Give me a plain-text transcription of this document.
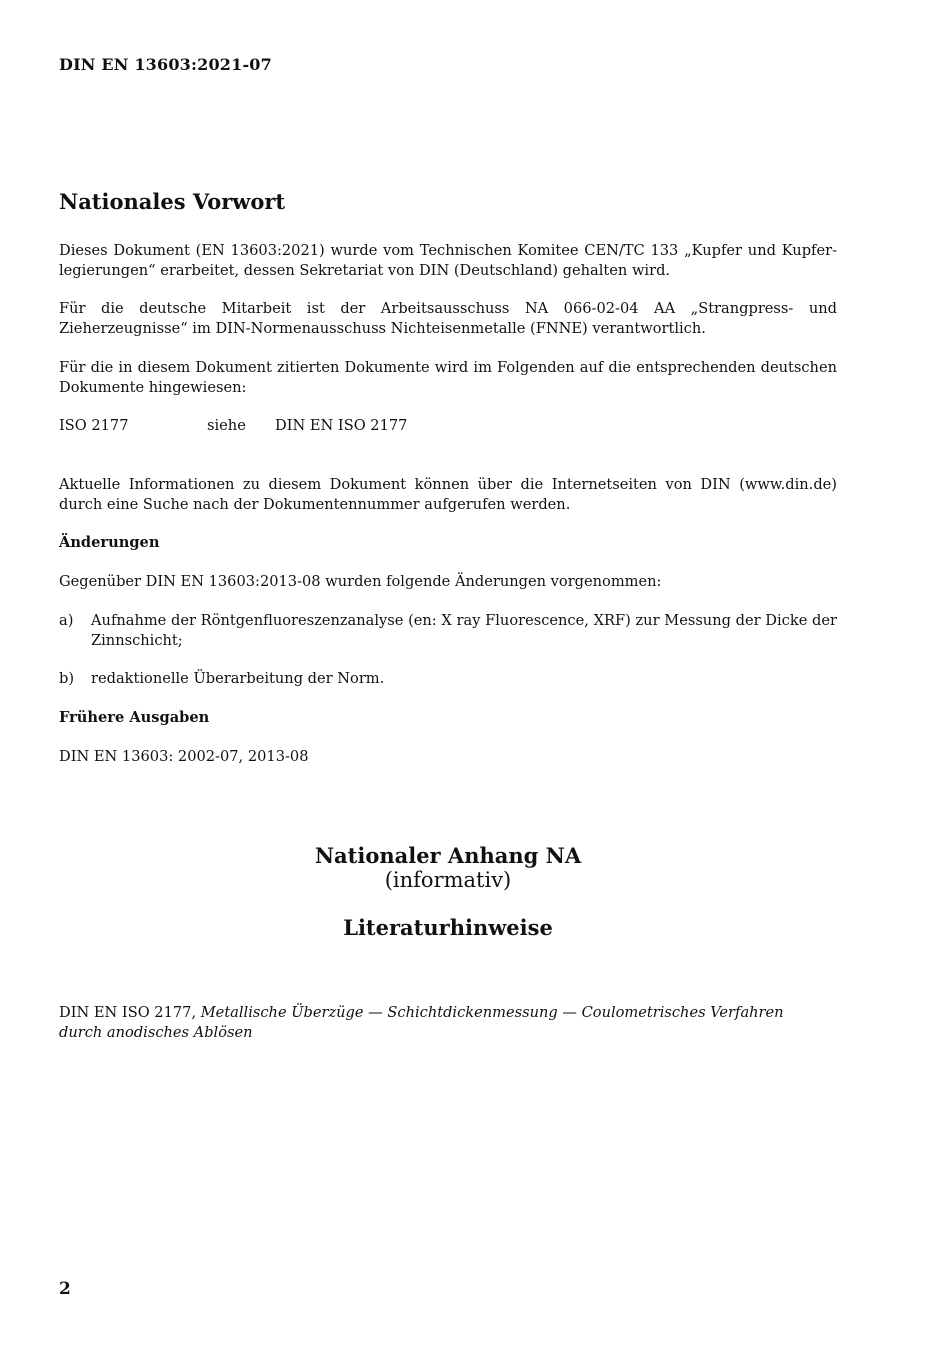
DIN EN 13603:2021-07
Nationales Vorwort
Dieses Dokument (EN 13603:2021) wurde vom Technischen Komitee CEN/TC 133 „Kupfer und Kupferlegierungen“ erarbeitet, dessen Sekretariat von DIN (Deutschland) gehalten wird.
Für die deutsche Mitarbeit ist der Arbeitsausschuss NA 066-02-04 AA „Strangpress- und Zieherzeugnisse“ im DIN-Normenausschuss Nichteisenmetalle (FNNE) verantwortlich.
Für die in diesem Dokument zitierten Dokumente wird im Folgenden auf die entsprechenden deutschen Dokumente hingewiesen:
ISO 2177	siehe	DIN EN ISO 2177
Aktuelle Informationen zu diesem Dokument können über die Internetseiten von DIN (www.din.de) durch eine Suche nach der Dokumentennummer aufgerufen werden.
Änderungen
Gegenüber DIN EN 13603:2013-08 wurden folgende Änderungen vorgenommen:
a)	Aufnahme der Röntgenfluoreszenzanalyse (en: X ray Fluorescence, XRF) zur Messung der Dicke der Zinnschicht;
b)	redaktionelle Überarbeitung der Norm.
Frühere Ausgaben
DIN EN 13603: 2002-07, 2013-08
Nationaler Anhang NA
(informativ)
Literaturhinweise
DIN EN ISO 2177, Metallische Überzüge — Schichtdickenmessung — Coulometrisches Verfahren durch anodisches Ablösen
2
